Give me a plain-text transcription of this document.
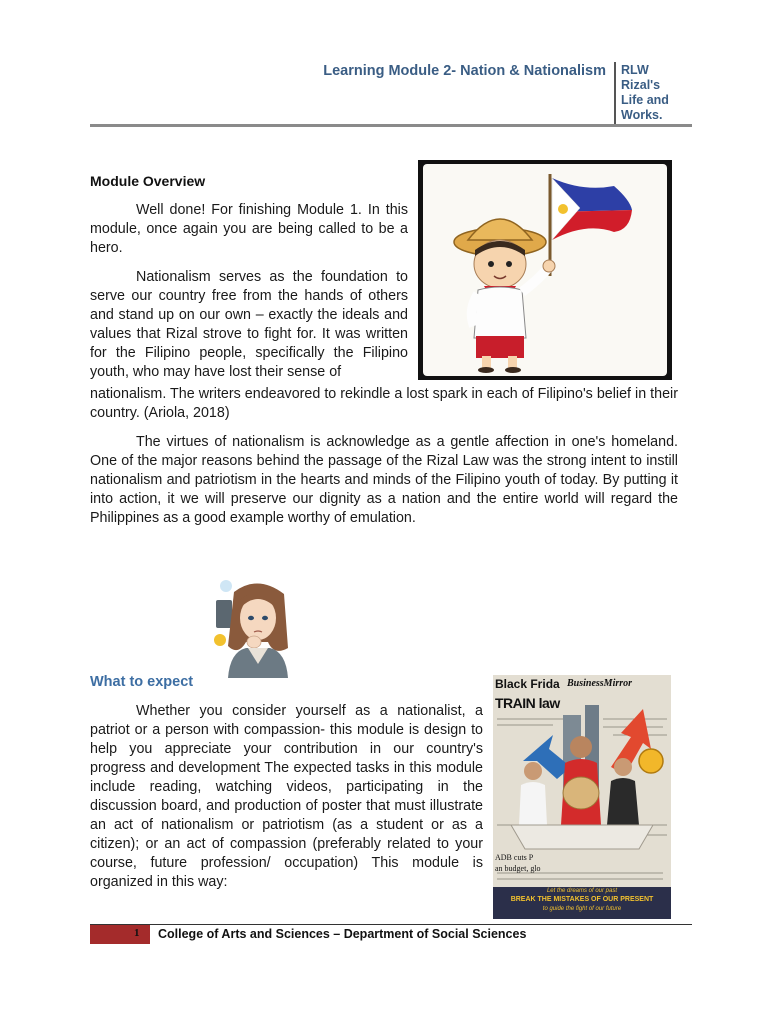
Learning Module 2- Nation & Nationalism RLW
Rizal's
Life and
Works.
Module Overview
Well done! For finishing Module 1. In this module, once again you are being called to be a hero.
Nationalism serves as the foundation to serve our country free from the hands of others and stand up on our own – exactly the ideals and values that Rizal strove to fight for. It was written for the Filipino people, specifically the Filipino youth, who may have lost their sense of
nationalism. The writers endeavored to rekindle a lost spark in each of Filipino's belief in their country. (Ariola, 2018)
The virtues of nationalism is acknowledge as a gentle affection in one's homeland. One of the major reasons behind the passage of the Rizal Law was the strong intent to instill nationalism and patriotism in the hearts and minds of the Filipino youth of today. By putting it into action, it we will preserve our dignity as a nation and the entire world will regard the Philippines as a good example worthy of emulation.
What to expect
Whether you consider yourself as a nationalist, a patriot or a person with compassion- this module is design to help you appreciate your contribution in our country's progress and development The expected tasks in this module include reading, watching videos, participating in the discussion board, and production of poster that must illustrate an act of nationalism or patriotism (as a student or as a citizen); or an act of compassion (preferably related to your course, future profession/ occupation) This module is organized in this way:
Black Frida BusinessMirror
TRAIN law
ADB cuts P
an budget, glo
Let the dreams of our past
BREAK THE MISTAKES OF OUR PRESENT
to guide the fight of our future
1 College of Arts and Sciences – Department of Social Sciences
